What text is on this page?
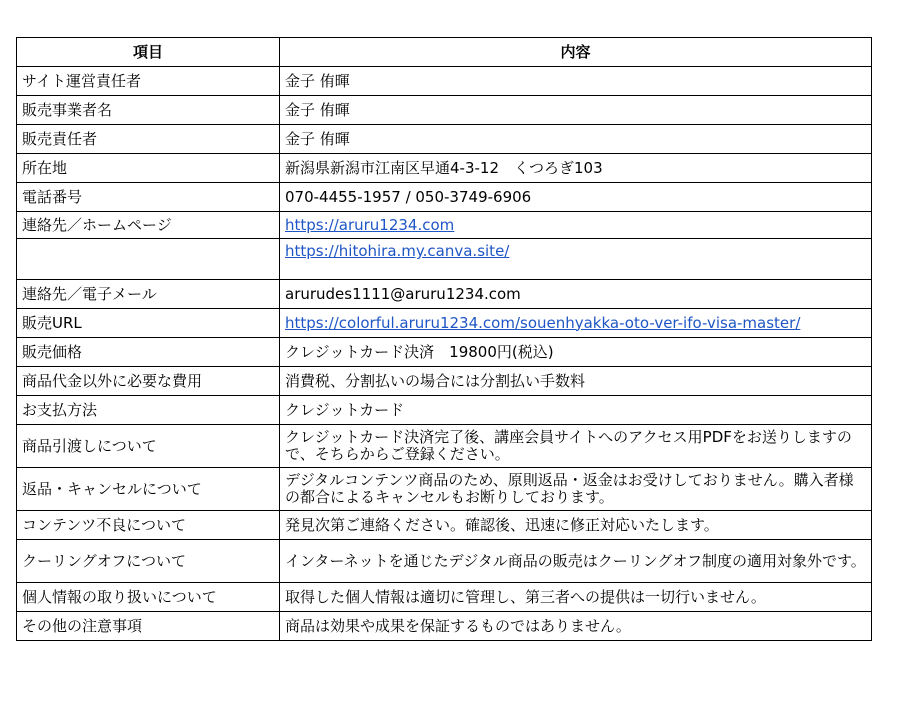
項目	内容
サイト運営責任者	金子 侑暉
販売事業者名	金子 侑暉
販売責任者	金子 侑暉
所在地	新潟県新潟市江南区早通4-3-12　くつろぎ103
電話番号	070-4455-1957 / 050-3749-6906
連絡先／ホームページ	https://aruru1234.com
	https://hitohira.my.canva.site/
連絡先／電子メール	arurudes1111@aruru1234.com
販売URL	https://colorful.aruru1234.com/souenhyakka-oto-ver-ifo-visa-master/
販売価格	クレジットカード決済　19800円(税込)
商品代金以外に必要な費用	消費税、分割払いの場合には分割払い手数料
お支払方法	クレジットカード
商品引渡しについて	クレジットカード決済完了後、講座会員サイトへのアクセス用PDFをお送りしますので、そちらからご登録ください。
返品・キャンセルについて	デジタルコンテンツ商品のため、原則返品・返金はお受けしておりません。購入者様の都合によるキャンセルもお断りしております。
コンテンツ不良について	発見次第ご連絡ください。確認後、迅速に修正対応いたします。
クーリングオフについて	インターネットを通じたデジタル商品の販売はクーリングオフ制度の適用対象外です。
個人情報の取り扱いについて	取得した個人情報は適切に管理し、第三者への提供は一切行いません。
その他の注意事項	商品は効果や成果を保証するものではありません。
